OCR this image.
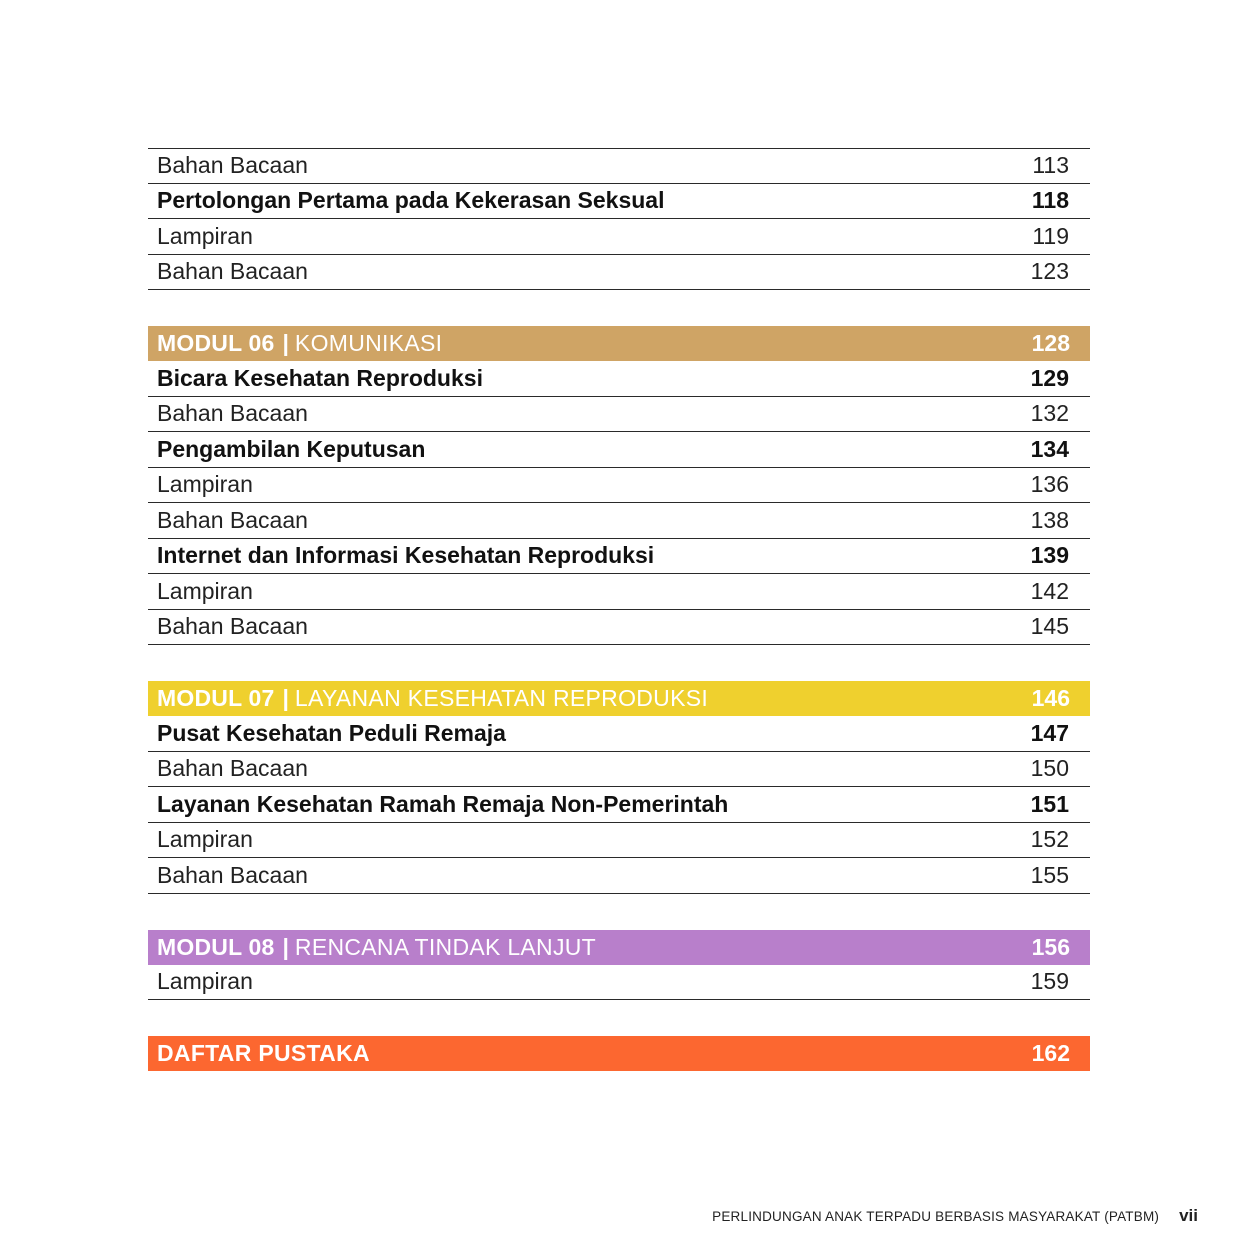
Bahan Bacaan	113
Pertolongan Pertama pada Kekerasan Seksual	118
Lampiran	119
Bahan Bacaan	123
MODUL 06 | KOMUNIKASI	128
Bicara Kesehatan Reproduksi	129
Bahan Bacaan	132
Pengambilan Keputusan	134
Lampiran	136
Bahan Bacaan	138
Internet dan Informasi Kesehatan Reproduksi	139
Lampiran	142
Bahan Bacaan	145
MODUL 07 | LAYANAN KESEHATAN REPRODUKSI	146
Pusat Kesehatan Peduli Remaja	147
Bahan Bacaan	150
Layanan Kesehatan Ramah Remaja Non-Pemerintah	151
Lampiran	152
Bahan Bacaan	155
MODUL 08 | RENCANA TINDAK LANJUT	156
Lampiran	159
DAFTAR PUSTAKA	162
PERLINDUNGAN ANAK TERPADU BERBASIS MASYARAKAT (PATBM) vii
